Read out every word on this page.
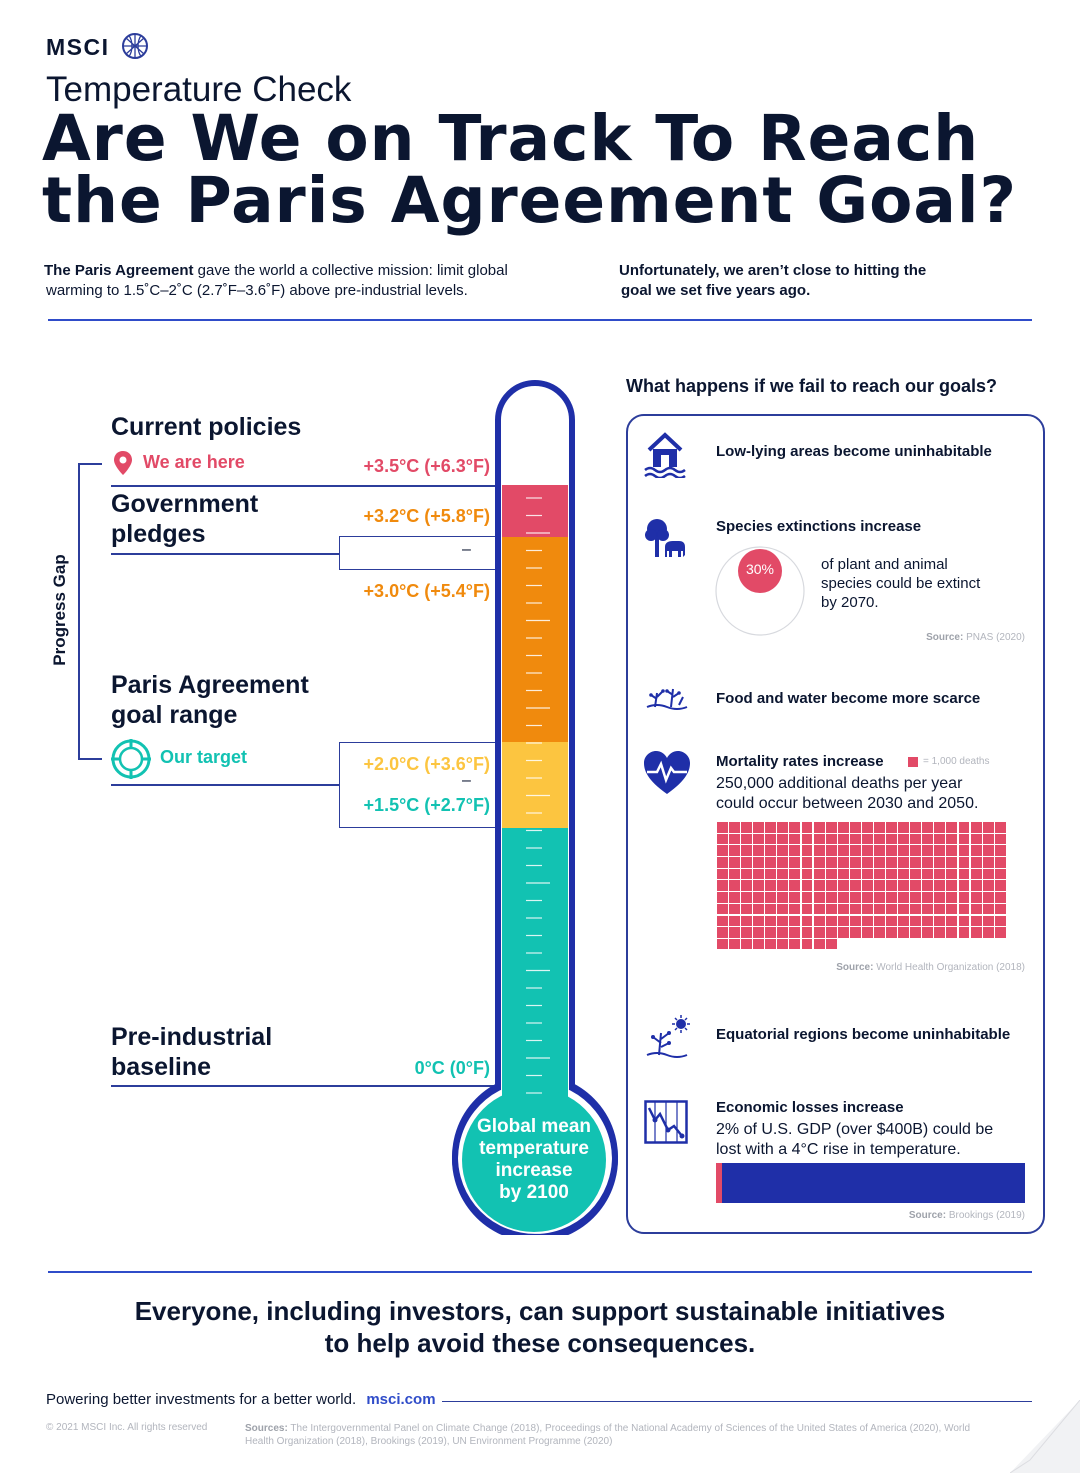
MSCI
Temperature Check
Are We on Track To Reach
the Paris Agreement Goal?
The Paris Agreement gave the world a collective mission: limit global
warming to 1.5˚C–2˚C (2.7˚F–3.6˚F) above pre-industrial levels.
Unfortunately, we aren’t close to hitting the
goal we set five years ago.
Progress Gap
Current policies
We are here	+3.5°C (+6.3°F)
Government
pledges
+3.2°C (+5.8°F)
–
+3.0°C (+5.4°F)
Paris Agreement
goal range
Our target	+2.0°C (+3.6°F)
–
+1.5°C (+2.7°F)
Pre-industrial
baseline	0°C (0°F)
Global mean
temperature
increase
by 2100
What happens if we fail to reach our goals?
Low-lying areas become uninhabitable
Species extinctions increase
30%	of plant and animal
species could be extinct
by 2070.
Source: PNAS (2020)
Food and water become more scarce
Mortality rates increase	= 1,000 deaths
250,000 additional deaths per year
could occur between 2030 and 2050.
Source: World Health Organization (2018)
Equatorial regions become uninhabitable
Economic losses increase
2% of U.S. GDP (over $400B) could be
lost with a 4°C rise in temperature.
Source: Brookings (2019)
Everyone, including investors, can support sustainable initiatives
to help avoid these consequences.
Powering better investments for a better world. msci.com
© 2021 MSCI Inc. All rights reserved	Sources: The Intergovernmental Panel on Climate Change (2018), Proceedings of the National Academy of Sciences of the United States of America (2020), World
Health Organization (2018), Brookings (2019), UN Environment Programme (2020)
